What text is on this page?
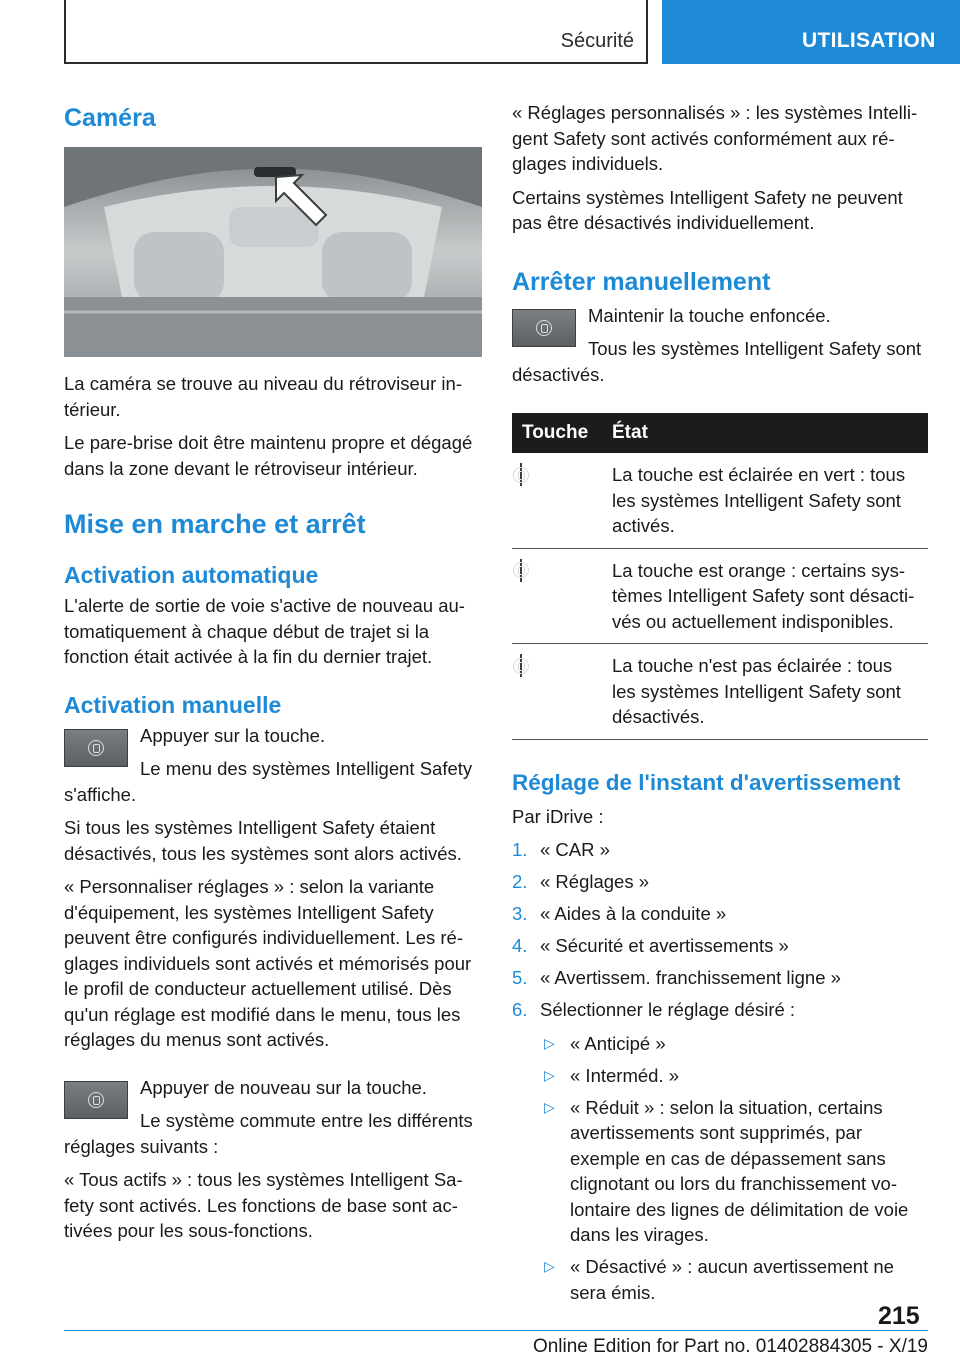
Sécurité	UTILISATION
Caméra

La caméra se trouve au niveau du rétroviseur intérieur.

Le pare-brise doit être maintenu propre et dégagé dans la zone devant le rétroviseur intérieur.

Mise en marche et arrêt
Activation automatique

L'alerte de sortie de voie s'active de nouveau automatiquement à chaque début de trajet si la fonction était activée à la fin du dernier trajet.

Activation manuelle

Appuyer sur la touche.

Le menu des systèmes Intelligent Safety s'affiche.

Si tous les systèmes Intelligent Safety étaient désactivés, tous les systèmes sont alors activés.

« Personnaliser réglages » : selon la variante d'équipement, les systèmes Intelligent Safety peuvent être configurés individuellement. Les réglages individuels sont activés et mémorisés pour le profil de conducteur actuellement utilisé. Dès qu'un réglage est modifié dans le menu, tous les réglages du menus sont activés.

Appuyer de nouveau sur la touche.

Le système commute entre les différents réglages suivants :

« Tous actifs » : tous les systèmes Intelligent Safety sont activés. Les fonctions de base sont activées pour les sous-fonctions.

« Réglages personnalisés » : les systèmes Intelligent Safety sont activés conformément aux réglages individuels.

Certains systèmes Intelligent Safety ne peuvent pas être désactivés individuellement.

Arrêter manuellement

Maintenir la touche enfoncée.

Tous les systèmes Intelligent Safety sont désactivés.

Touche	État

	La touche est éclairée en vert : tous les systèmes Intelligent Safety sont activés.

	La touche est orange : certains systèmes Intelligent Safety sont désactivés ou actuellement indisponibles.

	La touche n'est pas éclairée : tous les systèmes Intelligent Safety sont désactivés.
Réglage de l'instant d'avertissement

Par iDrive :

1. « CAR »
2. « Réglages »
3. « Aides à la conduite »
4. « Sécurité et avertissements »
5. « Avertissem. franchissement ligne »
6. Sélectionner le réglage désiré :
▷ « Anticipé »
▷ « Interméd. »
▷ « Réduit » : selon la situation, certains avertissements sont supprimés, par exemple en cas de dépassement sans clignotant ou lors du franchissement volontaire des lignes de délimitation de voie dans les virages.
▷ « Désactivé » : aucun avertissement ne sera émis.
215
Online Edition for Part no. 01402884305 - X/19
